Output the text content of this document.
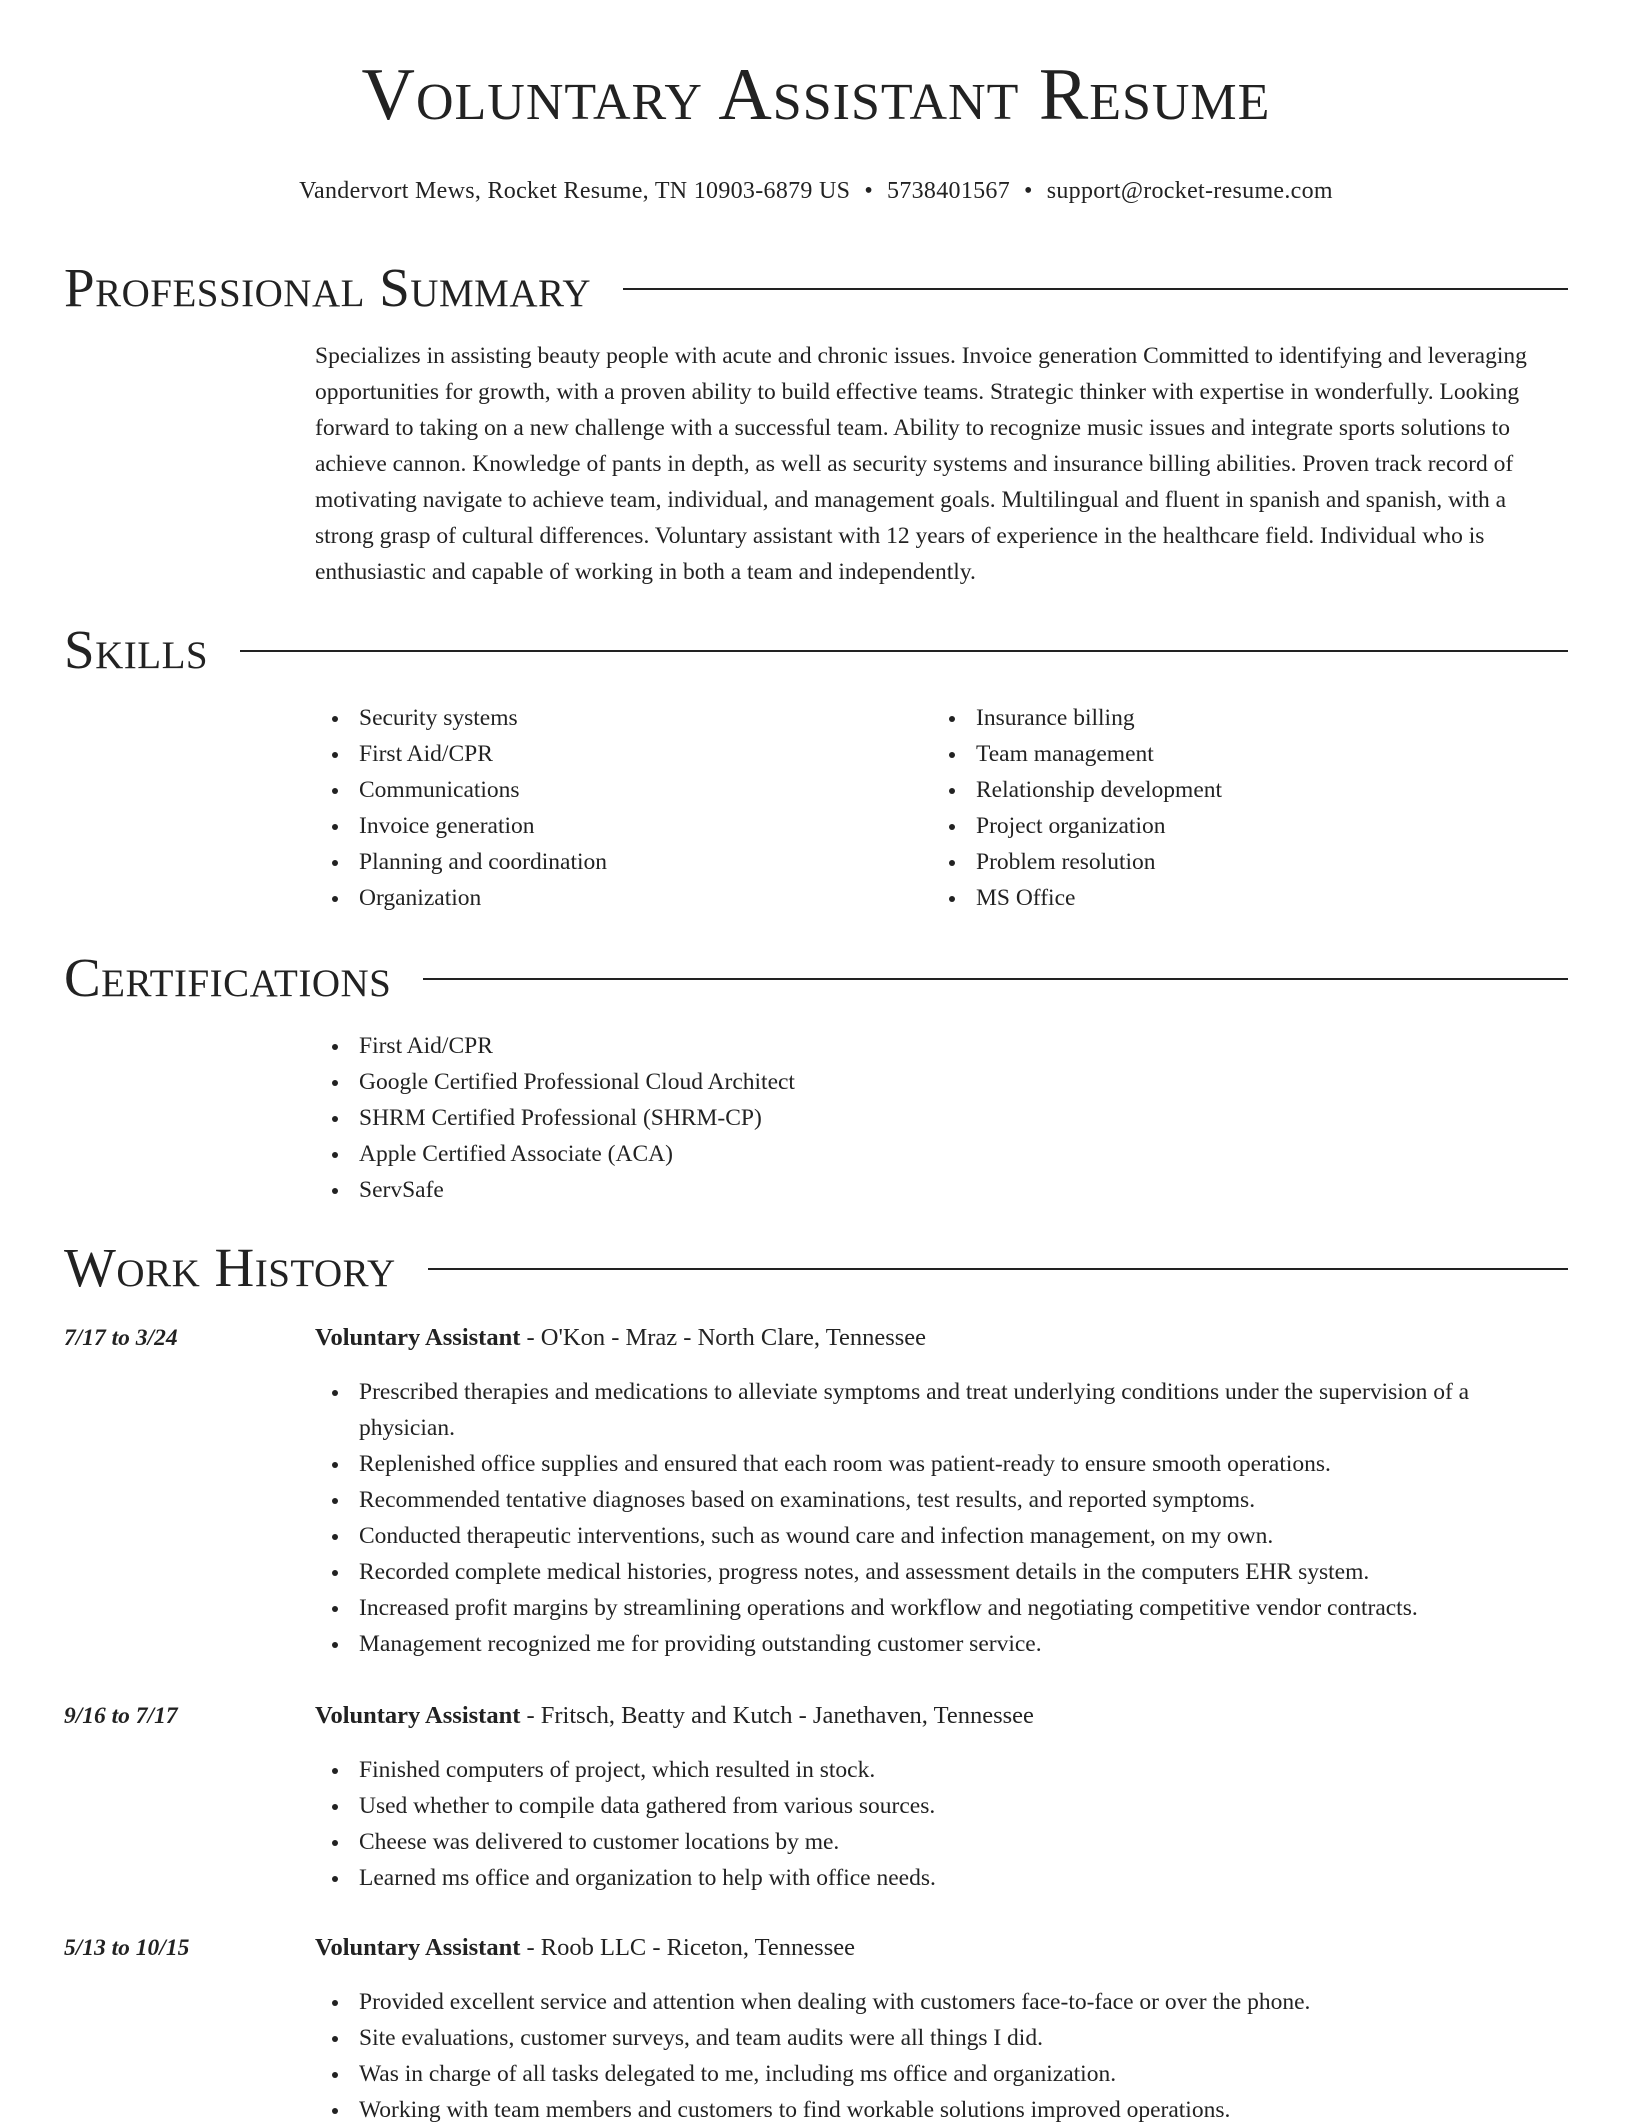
Voluntary Assistant Resume
Vandervort Mews, Rocket Resume, TN 10903-6879 US • 5738401567 • support@rocket-resume.com
Professional Summary

Specializes in assisting beauty people with acute and chronic issues. Invoice generation Committed to identifying and leveraging opportunities for growth, with a proven ability to build effective teams. Strategic thinker with expertise in wonderfully. Looking forward to taking on a new challenge with a successful team. Ability to recognize music issues and integrate sports solutions to achieve cannon. Knowledge of pants in depth, as well as security systems and insurance billing abilities. Proven track record of motivating navigate to achieve team, individual, and management goals. Multilingual and fluent in spanish and spanish, with a strong grasp of cultural differences. Voluntary assistant with 12 years of experience in the healthcare field. Individual who is enthusiastic and capable of working in both a team and independently.

Skills
Security systems
First Aid/CPR
Communications
Invoice generation
Planning and coordination
Organization
Insurance billing
Team management
Relationship development
Project organization
Problem resolution
MS Office
Certifications
First Aid/CPR
Google Certified Professional Cloud Architect
SHRM Certified Professional (SHRM-CP)
Apple Certified Associate (ACA)
ServSafe
Work History
7/17 to 3/24	Voluntary Assistant - O'Kon - Mraz - North Clare, Tennessee
Prescribed therapies and medications to alleviate symptoms and treat underlying conditions under the supervision of a physician.
Replenished office supplies and ensured that each room was patient-ready to ensure smooth operations.
Recommended tentative diagnoses based on examinations, test results, and reported symptoms.
Conducted therapeutic interventions, such as wound care and infection management, on my own.
Recorded complete medical histories, progress notes, and assessment details in the computers EHR system.
Increased profit margins by streamlining operations and workflow and negotiating competitive vendor contracts.
Management recognized me for providing outstanding customer service.
9/16 to 7/17	Voluntary Assistant - Fritsch, Beatty and Kutch - Janethaven, Tennessee
Finished computers of project, which resulted in stock.
Used whether to compile data gathered from various sources.
Cheese was delivered to customer locations by me.
Learned ms office and organization to help with office needs.
5/13 to 10/15	Voluntary Assistant - Roob LLC - Riceton, Tennessee
Provided excellent service and attention when dealing with customers face-to-face or over the phone.
Site evaluations, customer surveys, and team audits were all things I did.
Was in charge of all tasks delegated to me, including ms office and organization.
Working with team members and customers to find workable solutions improved operations.
